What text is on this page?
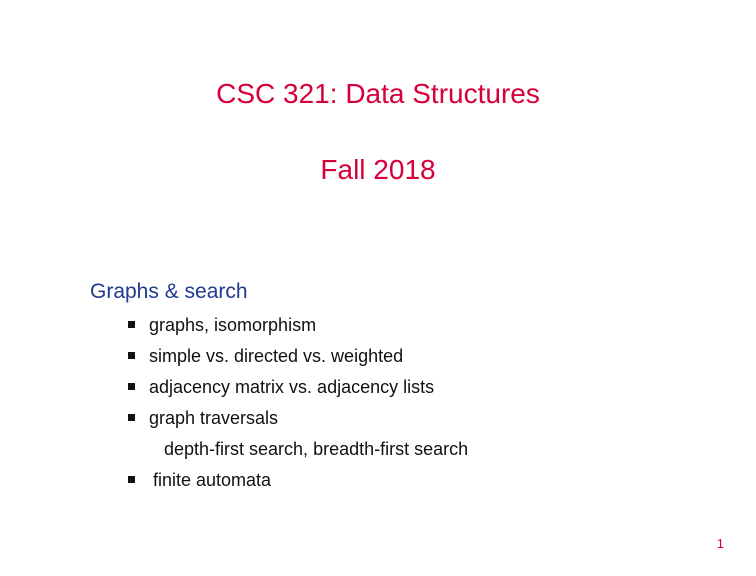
CSC 321: Data Structures
Fall 2018
Graphs & search
graphs, isomorphism
simple vs. directed vs. weighted
adjacency matrix vs. adjacency lists
graph traversals
depth-first search, breadth-first search
finite automata
1
